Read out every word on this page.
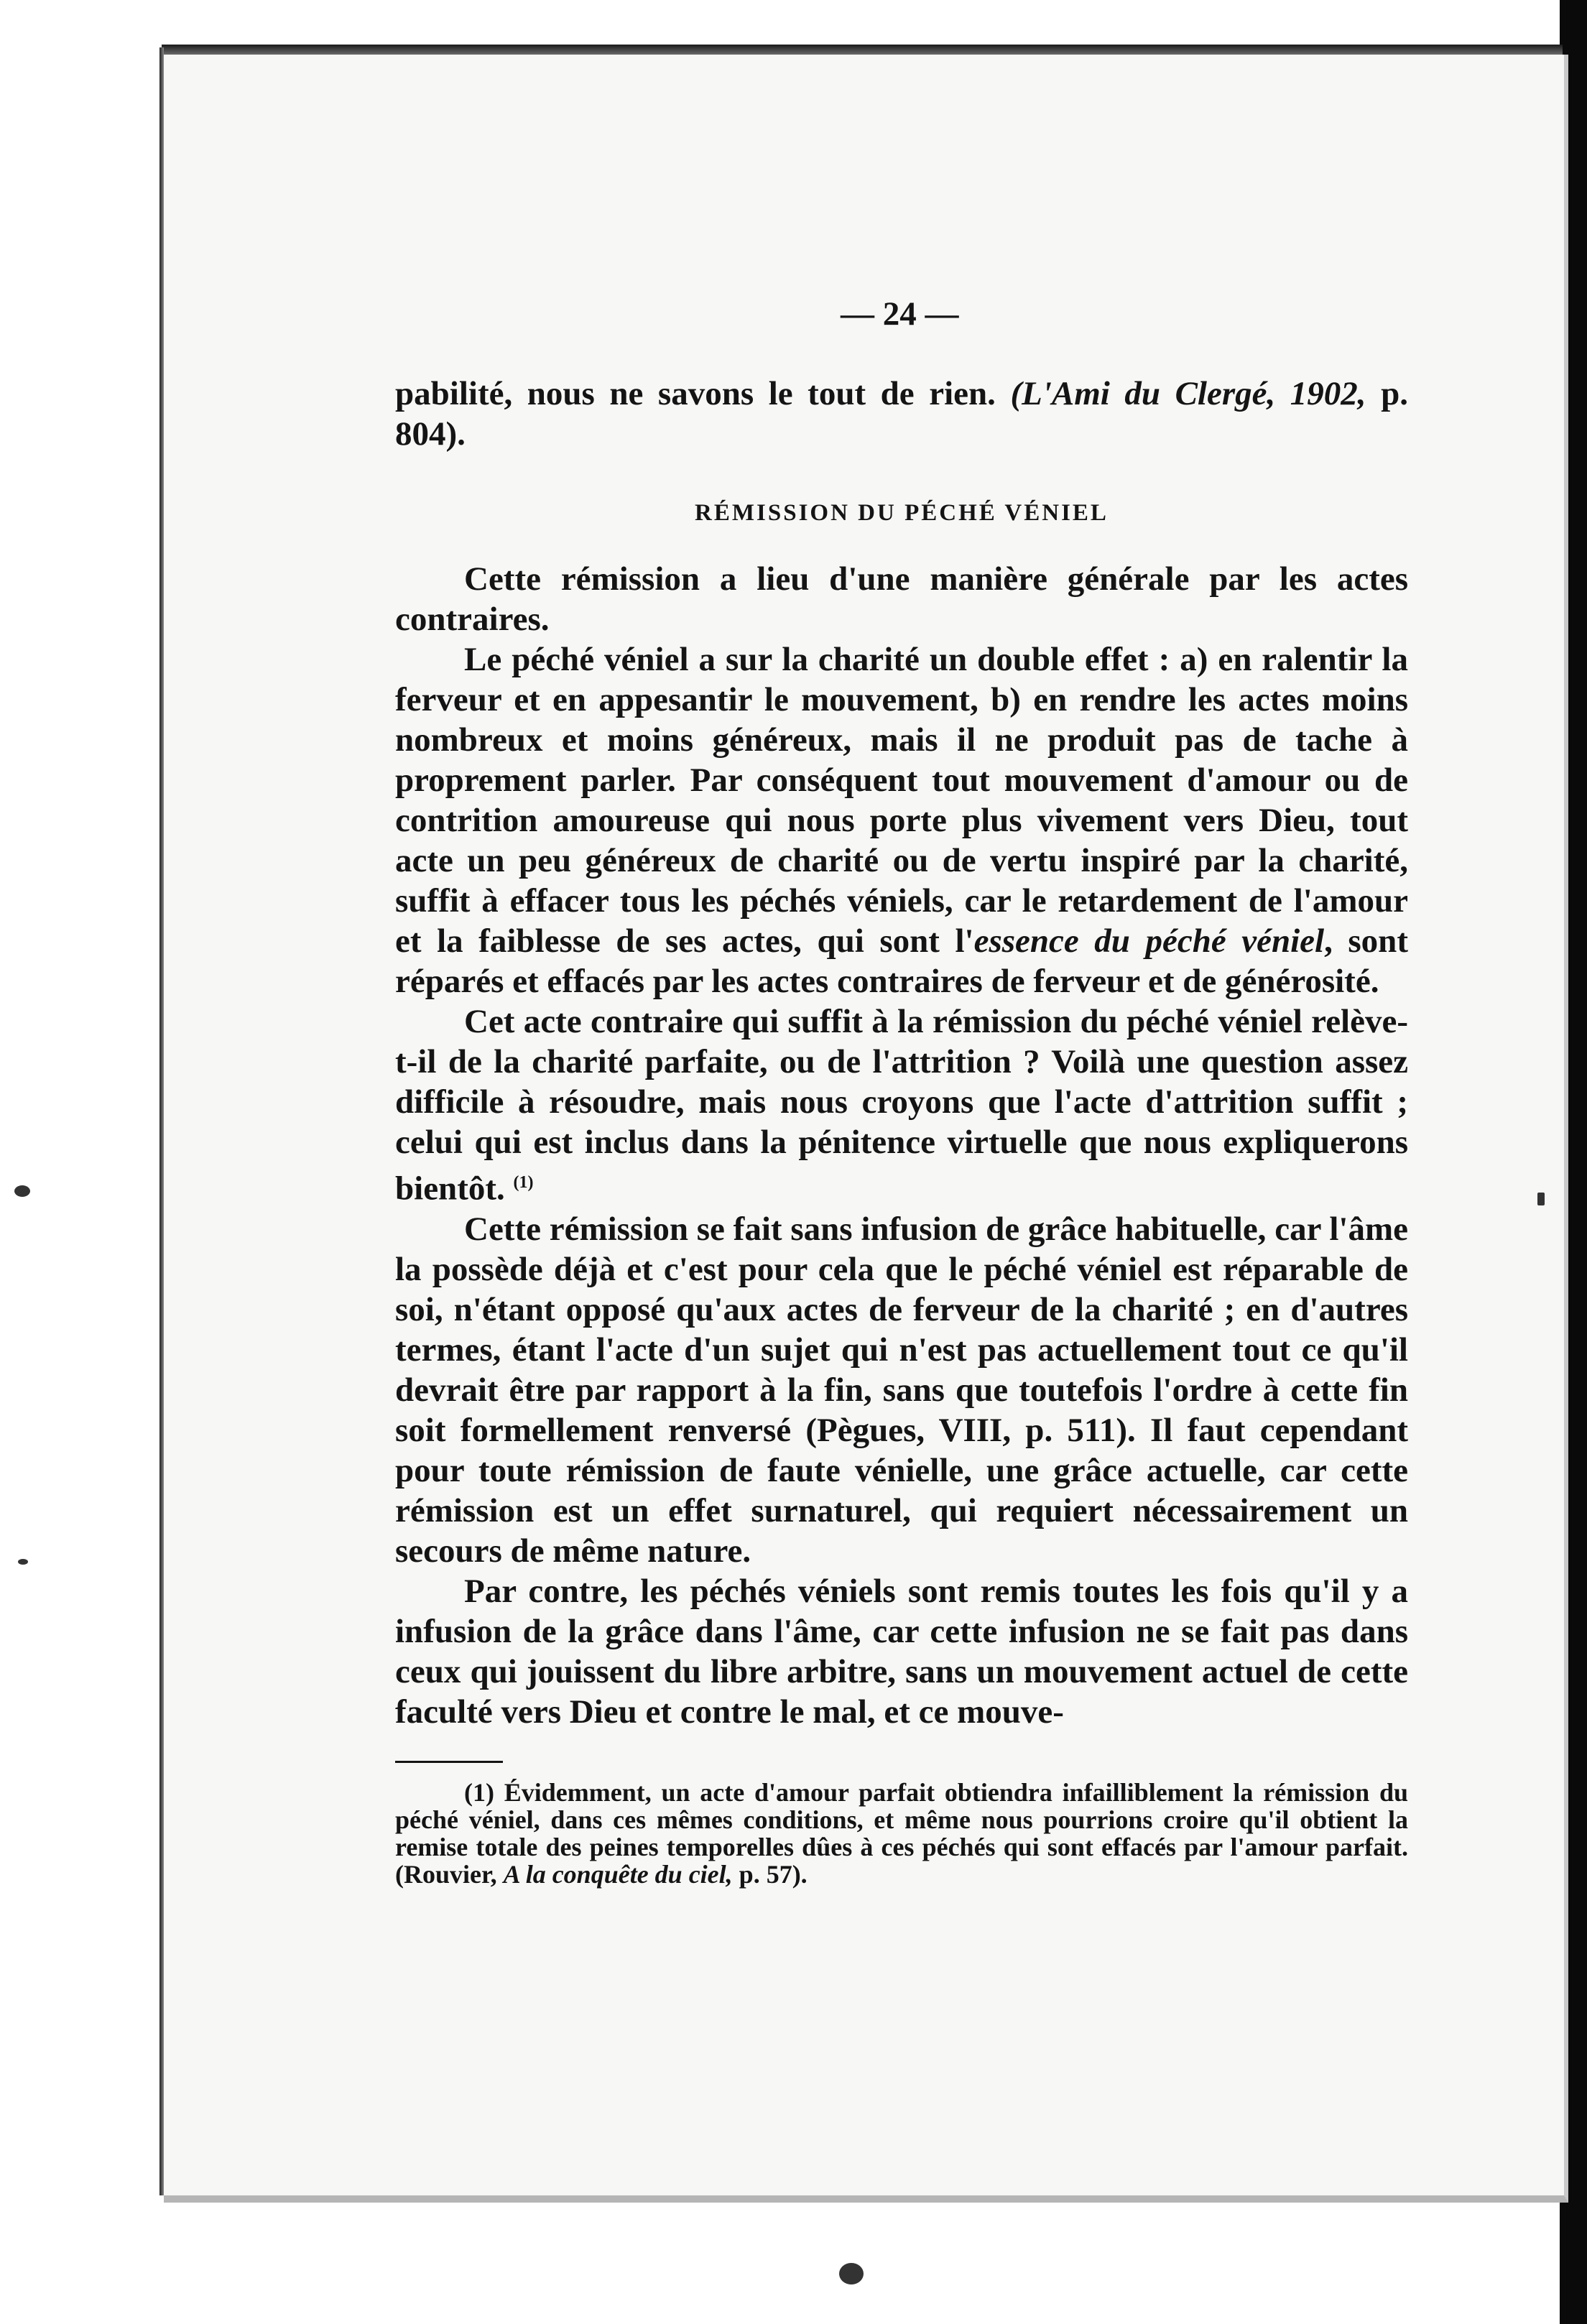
— 24 —

pabilité, nous ne savons le tout de rien. (L'Ami du Clergé, 1902, p. 804).

RÉMISSION DU PÉCHÉ VÉNIEL

Cette rémission a lieu d'une manière générale par les actes contraires.

Le péché véniel a sur la charité un double effet : a) en ralentir la ferveur et en appesantir le mouvement, b) en rendre les actes moins nombreux et moins généreux, mais il ne produit pas de tache à proprement parler. Par conséquent tout mouvement d'amour ou de contrition amoureuse qui nous porte plus vivement vers Dieu, tout acte un peu généreux de charité ou de vertu inspiré par la charité, suffit à effacer tous les péchés véniels, car le retardement de l'amour et la faiblesse de ses actes, qui sont l'essence du péché véniel, sont réparés et effacés par les actes contraires de ferveur et de générosité.

Cet acte contraire qui suffit à la rémission du péché véniel relève-t-il de la charité parfaite, ou de l'attrition ? Voilà une question assez difficile à résoudre, mais nous croyons que l'acte d'attrition suffit ; celui qui est inclus dans la pénitence virtuelle que nous expliquerons bientôt. $^{(1)}$

Cette rémission se fait sans infusion de grâce habituelle, car l'âme la possède déjà et c'est pour cela que le péché véniel est réparable de soi, n'étant opposé qu'aux actes de ferveur de la charité ; en d'autres termes, étant l'acte d'un sujet qui n'est pas actuellement tout ce qu'il devrait être par rapport à la fin, sans que toutefois l'ordre à cette fin soit formellement renversé (Pègues, VIII, p. 511). Il faut cependant pour toute rémission de faute vénielle, une grâce actuelle, car cette rémission est un effet surnaturel, qui requiert nécessairement un secours de même nature.

Par contre, les péchés véniels sont remis toutes les fois qu'il y a infusion de la grâce dans l'âme, car cette infusion ne se fait pas dans ceux qui jouissent du libre arbitre, sans un mouvement actuel de cette faculté vers Dieu et contre le mal, et ce mouve-

(1) Évidemment, un acte d'amour parfait obtiendra infailliblement la rémission du péché véniel, dans ces mêmes conditions, et même nous pourrions croire qu'il obtient la remise totale des peines temporelles dûes à ces péchés qui sont effacés par l'amour parfait. (Rouvier, A la conquête du ciel, p. 57).
